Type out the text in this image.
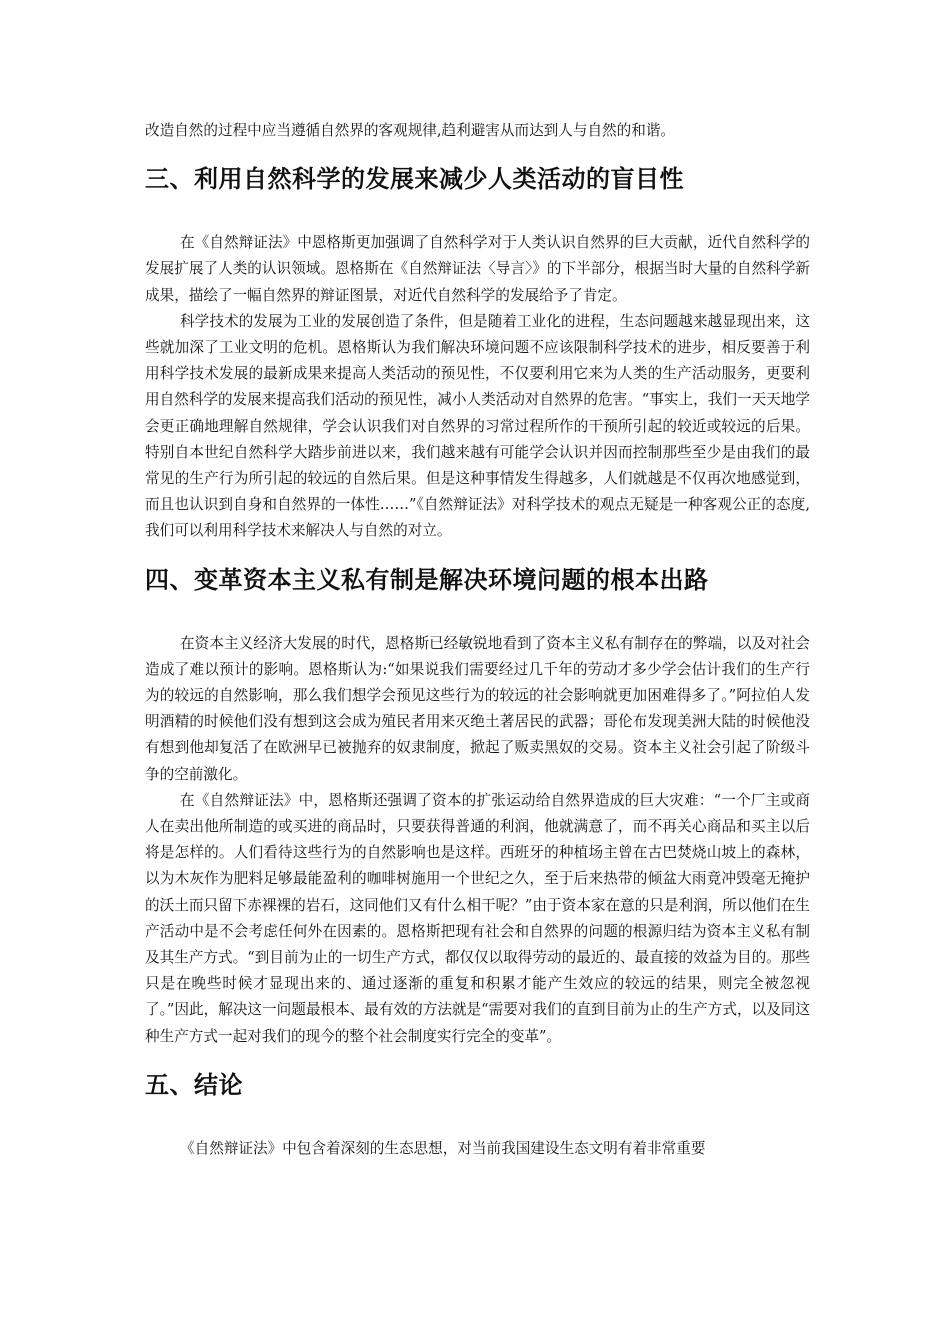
改造自然的过程中应当遵循自然界的客观规律,趋利避害从而达到人与自然的和谐。

三、利用自然科学的发展来减少人类活动的盲目性

在《自然辩证法》中恩格斯更加强调了自然科学对于人类认识自然界的巨大贡献，近代自然科学的发展扩展了人类的认识领域。恩格斯在《自然辩证法〈导言〉》的下半部分，根据当时大量的自然科学新成果，描绘了一幅自然界的辩证图景，对近代自然科学的发展给予了肯定。

科学技术的发展为工业的发展创造了条件，但是随着工业化的进程，生态问题越来越显现出来，这些就加深了工业文明的危机。恩格斯认为我们解决环境问题不应该限制科学技术的进步，相反要善于利用科学技术发展的最新成果来提高人类活动的预见性，不仅要利用它来为人类的生产活动服务，更要利用自然科学的发展来提高我们活动的预见性，减小人类活动对自然界的危害。“事实上，我们一天天地学会更正确地理解自然规律，学会认识我们对自然界的习常过程所作的干预所引起的较近或较远的后果。特别自本世纪自然科学大踏步前进以来，我们越来越有可能学会认识并因而控制那些至少是由我们的最常见的生产行为所引起的较远的自然后果。但是这种事情发生得越多，人们就越是不仅再次地感觉到，而且也认识到自身和自然界的一体性……”《自然辩证法》对科学技术的观点无疑是一种客观公正的态度,我们可以利用科学技术来解决人与自然的对立。

四、变革资本主义私有制是解决环境问题的根本出路

在资本主义经济大发展的时代，恩格斯已经敏锐地看到了资本主义私有制存在的弊端，以及对社会造成了难以预计的影响。恩格斯认为:“如果说我们需要经过几千年的劳动才多少学会估计我们的生产行为的较远的自然影响，那么我们想学会预见这些行为的较远的社会影响就更加困难得多了。”阿拉伯人发明酒精的时候他们没有想到这会成为殖民者用来灭绝土著居民的武器；哥伦布发现美洲大陆的时候他没有想到他却复活了在欧洲早已被抛弃的奴隶制度，掀起了贩卖黑奴的交易。资本主义社会引起了阶级斗争的空前激化。

在《自然辩证法》中，恩格斯还强调了资本的扩张运动给自然界造成的巨大灾难：“一个厂主或商人在卖出他所制造的或买进的商品时，只要获得普通的利润，他就满意了，而不再关心商品和买主以后将是怎样的。人们看待这些行为的自然影响也是这样。西班牙的种植场主曾在古巴焚烧山坡上的森林，以为木灰作为肥料足够最能盈利的咖啡树施用一个世纪之久，至于后来热带的倾盆大雨竟冲毁毫无掩护的沃土而只留下赤裸裸的岩石，这同他们又有什么相干呢？”由于资本家在意的只是利润，所以他们在生产活动中是不会考虑任何外在因素的。恩格斯把现有社会和自然界的问题的根源归结为资本主义私有制及其生产方式。“到目前为止的一切生产方式，都仅仅以取得劳动的最近的、最直接的效益为目的。那些只是在晚些时候才显现出来的、通过逐渐的重复和积累才能产生效应的较远的结果，则完全被忽视了。”因此，解决这一问题最根本、最有效的方法就是“需要对我们的直到目前为止的生产方式，以及同这种生产方式一起对我们的现今的整个社会制度实行完全的变革”。

五、结论

《自然辩证法》中包含着深刻的生态思想，对当前我国建设生态文明有着非常重要
